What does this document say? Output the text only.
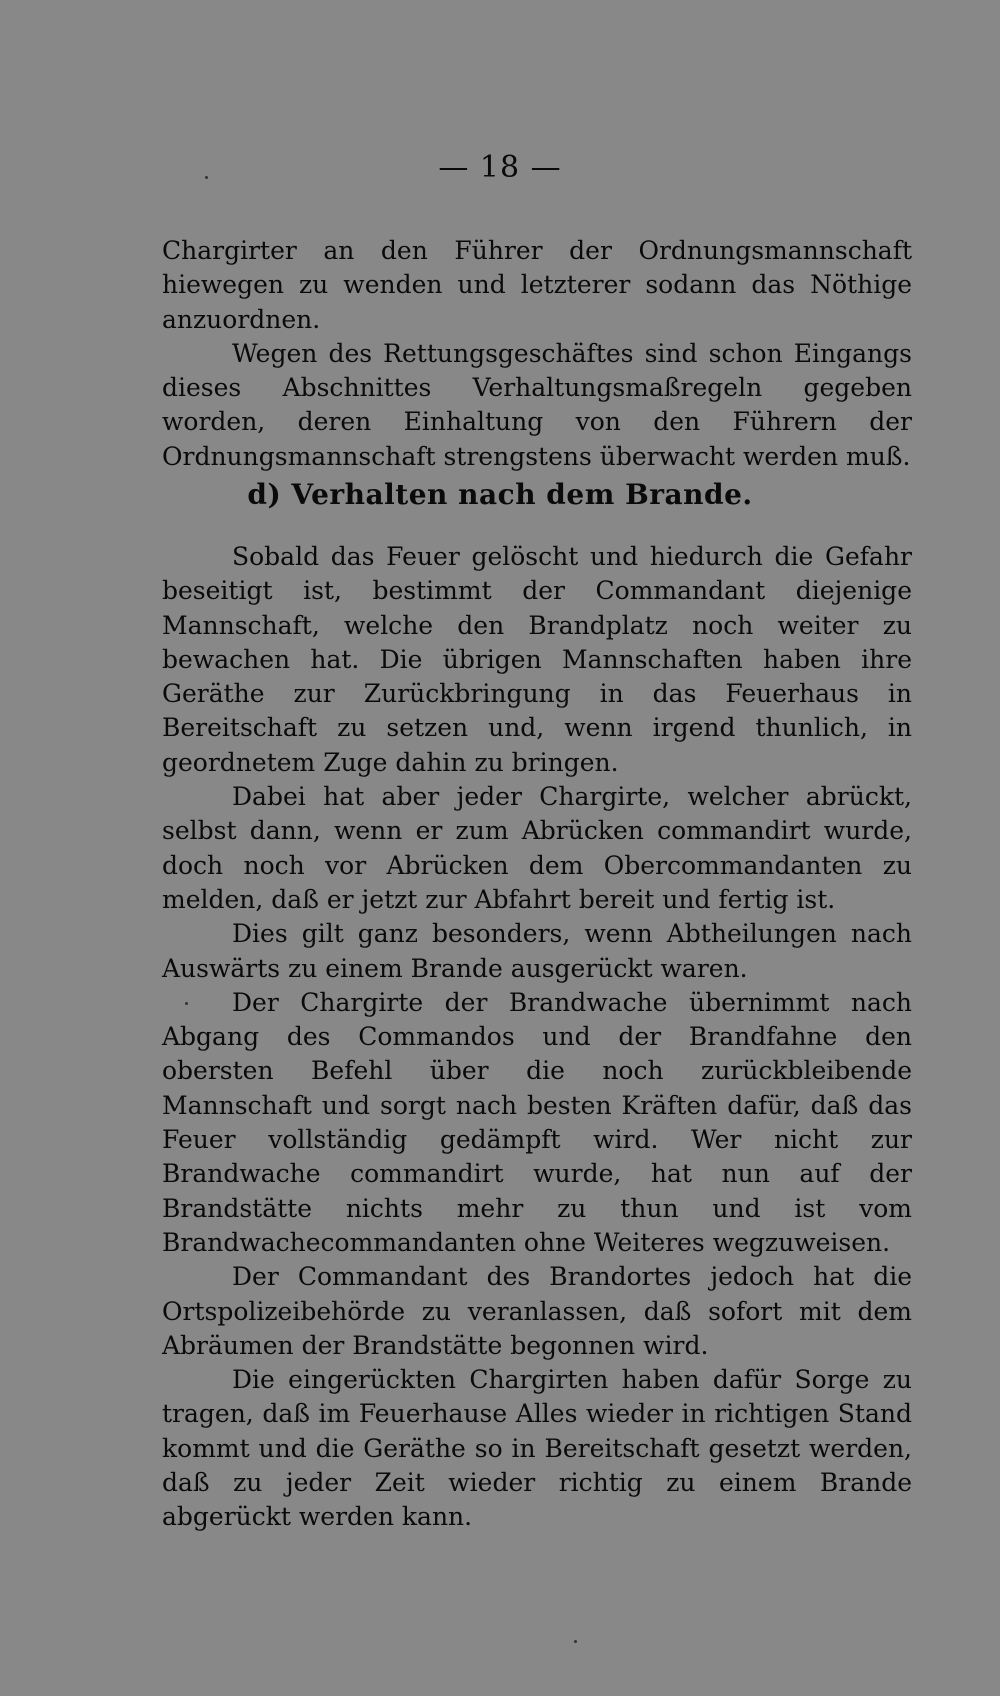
— 18 —

Chargirter an den Führer der Ordnungsmannschaft hiewegen zu wenden und letzterer sodann das Nöthige anzuordnen.

Wegen des Rettungsgeschäftes sind schon Eingangs dieses Abschnittes Verhaltungsmaßregeln gegeben worden, deren Einhaltung von den Führern der Ordnungsmannschaft strengstens überwacht werden muß.

d) Verhalten nach dem Brande.

Sobald das Feuer gelöscht und hiedurch die Gefahr beseitigt ist, bestimmt der Commandant diejenige Mannschaft, welche den Brandplatz noch weiter zu bewachen hat. Die übrigen Mannschaften haben ihre Geräthe zur Zurückbringung in das Feuerhaus in Bereitschaft zu setzen und, wenn irgend thunlich, in geordnetem Zuge dahin zu bringen.

Dabei hat aber jeder Chargirte, welcher abrückt, selbst dann, wenn er zum Abrücken commandirt wurde, doch noch vor Abrücken dem Obercommandanten zu melden, daß er jetzt zur Abfahrt bereit und fertig ist.

Dies gilt ganz besonders, wenn Abtheilungen nach Auswärts zu einem Brande ausgerückt waren.

Der Chargirte der Brandwache übernimmt nach Abgang des Commandos und der Brandfahne den obersten Befehl über die noch zurückbleibende Mannschaft und sorgt nach besten Kräften dafür, daß das Feuer vollständig gedämpft wird. Wer nicht zur Brandwache commandirt wurde, hat nun auf der Brandstätte nichts mehr zu thun und ist vom Brandwachecommandanten ohne Weiteres wegzuweisen.

Der Commandant des Brandortes jedoch hat die Ortspolizeibehörde zu veranlassen, daß sofort mit dem Abräumen der Brandstätte begonnen wird.

Die eingerückten Chargirten haben dafür Sorge zu tragen, daß im Feuerhause Alles wieder in richtigen Stand kommt und die Geräthe so in Bereitschaft gesetzt werden, daß zu jeder Zeit wieder richtig zu einem Brande abgerückt werden kann.
